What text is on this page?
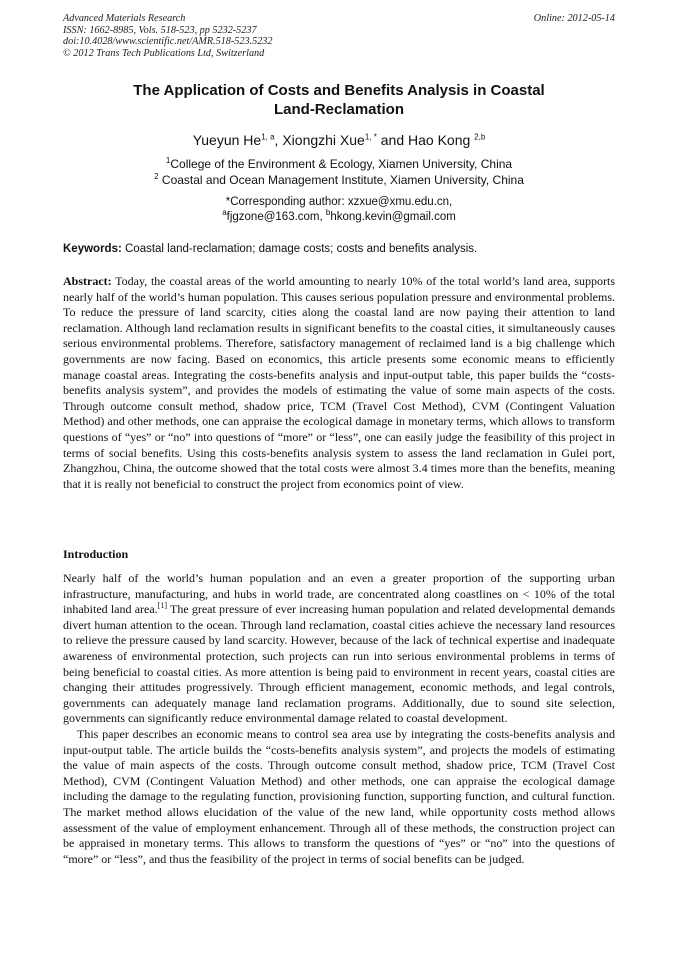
Advanced Materials Research
ISSN: 1662-8985, Vols. 518-523, pp 5232-5237
doi:10.4028/www.scientific.net/AMR.518-523.5232
© 2012 Trans Tech Publications Ltd, Switzerland
Online: 2012-05-14
The Application of Costs and Benefits Analysis in Coastal
Land-Reclamation
Yueyun He$^{1, a}$, Xiongzhi Xue$^{1, *}$ and Hao Kong $^{2,b}$
$^1$College of the Environment & Ecology, Xiamen University, China
$^2$ Coastal and Ocean Management Institute, Xiamen University, China
*Corresponding author: xzxue@xmu.edu.cn,
$^a$fjgzone@163.com, $^b$hkong.kevin@gmail.com
Keywords: Coastal land-reclamation; damage costs; costs and benefits analysis.
Abstract: Today, the coastal areas of the world amounting to nearly 10% of the total world’s land area, supports nearly half of the world’s human population. This causes serious population pressure and environmental problems. To reduce the pressure of land scarcity, cities along the coastal land are now paying their attention to land reclamation. Although land reclamation results in significant benefits to the coastal cities, it simultaneously causes serious environmental problems. Therefore, satisfactory management of reclaimed land is a big challenge which governments are now facing. Based on economics, this article presents some economic means to efficiently manage coastal areas. Integrating the costs-benefits analysis and input-output table, this paper builds the “costs-benefits analysis system”, and provides the models of estimating the value of some main aspects of the costs. Through outcome consult method, shadow price, TCM (Travel Cost Method), CVM (Contingent Valuation Method) and other methods, one can appraise the ecological damage in monetary terms, which allows to transform questions of “yes” or “no” into questions of “more” or “less”, one can easily judge the feasibility of this project in terms of social benefits. Using this costs-benefits analysis system to assess the land reclamation in Gulei port, Zhangzhou, China, the outcome showed that the total costs were almost 3.4 times more than the benefits, meaning that it is really not beneficial to construct the project from economics point of view.
Introduction

Nearly half of the world’s human population and an even a greater proportion of the supporting urban infrastructure, manufacturing, and hubs in world trade, are concentrated along coastlines on < 10% of the total inhabited land area.[1] The great pressure of ever increasing human population and related developmental demands divert human attention to the ocean. Through land reclamation, coastal cities achieve the necessary land resources to relieve the pressure caused by land scarcity. However, because of the lack of technical expertise and inadequate awareness of environmental protection, such projects can run into serious environmental problems in terms of being beneficial to coastal cities. As more attention is being paid to environment in recent years, coastal cities are changing their attitudes progressively. Through efficient management, economic methods, and legal controls, governments can adequately manage land reclamation programs. Additionally, due to sound site selection, governments can significantly reduce environmental damage related to coastal development.

This paper describes an economic means to control sea area use by integrating the costs-benefits analysis and input-output table. The article builds the “costs-benefits analysis system”, and projects the models of estimating the value of main aspects of the costs. Through outcome consult method, shadow price, TCM (Travel Cost Method), CVM (Contingent Valuation Method) and other methods, one can appraise the ecological damage including the damage to the regulating function, provisioning function, supporting function, and cultural function. The market method allows elucidation of the value of the new land, while opportunity costs method allows assessment of the value of employment enhancement. Through all of these methods, the construction project can be appraised in monetary terms. This allows to transform the questions of “yes” or “no” into the questions of “more” or “less”, and thus the feasibility of the project in terms of social benefits can be judged.
